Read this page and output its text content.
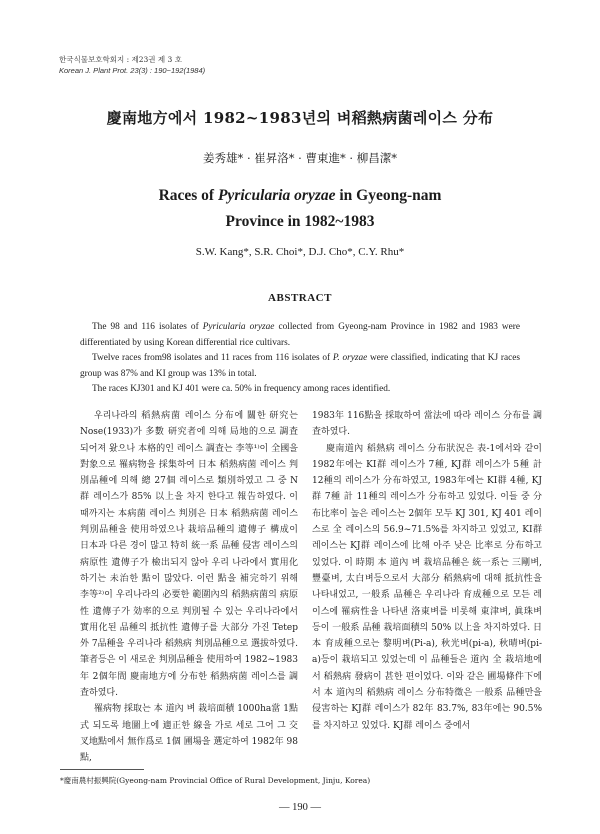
한국식물보호학회지 : 제23권 제 3 호
Korean J. Plant Prot. 23(3) : 190~192(1984)
慶南地方에서 1982~1983년의 벼稻熱病菌레이스 分布
姜秀雄* · 崔昇洛* · 曹東進* · 柳昌潔*
Races of Pyricularia oryzae in Gyeong-nam
Province in 1982~1983
S.W. Kang*, S.R. Choi*, D.J. Cho*, C.Y. Rhu*
ABSTRACT

The 98 and 116 isolates of Pyricularia oryzae collected from Gyeong-nam Province in 1982 and 1983 were differentiated by using Korean differential rice cultivars.

Twelve races from98 isolates and 11 races from 116 isolates of P. oryzae were classified, indicating that KJ races group was 87% and KI group was 13% in total.

The races KJ301 and KJ 401 were ca. 50% in frequency among races identified.

우리나라의 稻熱病菌 레이스 分布에 關한 研究는 Nose(1933)가 多數 研究者에 의해 局地的으로 調査되어져 왔으나 本格的인 레이스 調査는 李等¹⁾이 全國을 對象으로 罹病物을 採集하여 日本 稻熱病菌 레이스 判別品種에 의해 總 27個 레이스로 類別하였고 그 중 N群 레이스가 85% 以上을 차지 한다고 報告하였다. 이때까지는 本病菌 레이스 判別은 日本 稻熱病菌 레이스 判別品種을 使用하였으나 栽培品種의 遺傳子 構成이 日本과 다른 경이 많고 特히 統一系 品種 侵害 레이스의 病原性 遺傳子가 檢出되지 않아 우리 나라에서 實用化하기는 未治한 點이 많았다. 이런 點을 補完하기 위해 李等²⁾이 우리나라의 必要한 範圍內의 稻熱病菌의 病原性 遺傳子가 効率的으로 判別될 수 있는 우리나라에서 實用化된 品種의 抵抗性 遺傳子를 大部分 가진 Tetep外 7品種을 우리나라 稻熱病 判別品種으로 選拔하였다. 筆者등은 이 새로운 判別品種을 使用하여 1982~1983年 2個年間 慶南地方에 分布한 稻熱病菌 레이스를 調査하였다.

罹病物 採取는 本 道內 벼 栽培面積 1000ha當 1點式 되도록 地圖上에 適正한 線을 가로 세로 그어 그 交叉地點에서 無作爲로 1個 圃場을 選定하여 1982年 98點,

1983年 116點을 採取하여 當法에 따라 레이스 分布를 調査하였다.

慶南道內 稻熱病 레이스 分布狀況은 表-1에서와 같이 1982年에는 KI群 레이스가 7種, KJ群 레이스가 5種 計12種의 레이스가 分布하였고, 1983年에는 KI群 4種, KJ群 7種 計 11種의 레이스가 分布하고 있었다. 이들 중 分布比率이 높은 레이스는 2個年 모두 KJ 301, KJ 401 레이스로 全 레이스의 56.9~71.5%를 차지하고 있었고, KI群 레이스는 KJ群 레이스에 比해 아주 낮은 比率로 分布하고 있었다. 이 時期 本 道內 벼 栽培品種은 統一系는 三剛벼, 豐臺벼, 太白벼등으로서 大部分 稻熱病에 대해 抵抗性을 나타내었고, 一般系 品種은 우리나라 育成種으로 모든 레이스에 罹病性을 나타낸 洛東벼를 비롯해 東津벼, 眞珠벼등이 一般系 品種 栽培面積의 50% 以上을 차지하였다. 日本 育成種으로는 黎明벼(Pi-a), 秋光벼(pi-a), 秋晴벼(pi-a)등이 栽培되고 있었는데 이 品種들은 道內 全 栽培地에서 稻熱病 發病이 甚한 편이었다. 이와 같은 圃場條件下에서 本 道內의 稻熱病 레이스 分布特徵은 一般系 品種만을 侵害하는 KJ群 레이스가 82年 83.7%, 83年에는 90.5%를 차지하고 있었다. KJ群 레이스 중에서

*慶南農村振興院(Gyeong-nam Provincial Office of Rural Development, Jinju, Korea)
— 190 —
